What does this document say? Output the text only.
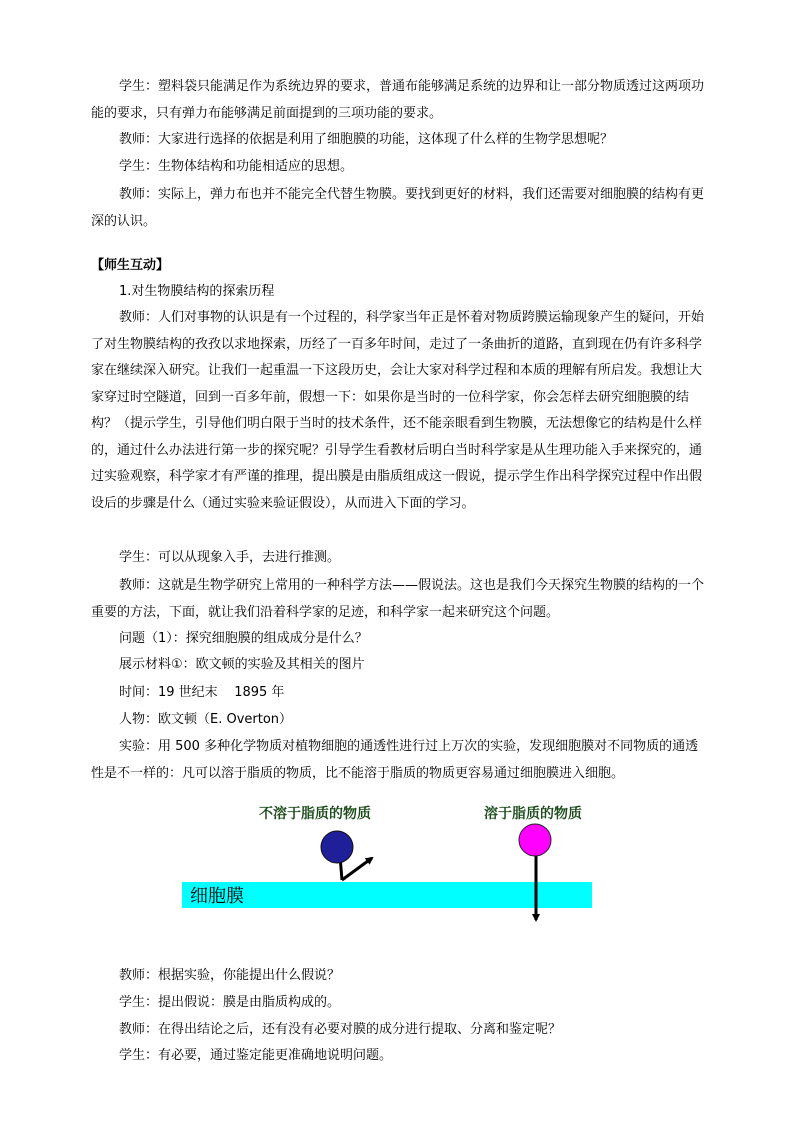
学生：塑料袋只能满足作为系统边界的要求，普通布能够满足系统的边界和让一部分物质透过这两项功能的要求，只有弹力布能够满足前面提到的三项功能的要求。

教师：大家进行选择的依据是利用了细胞膜的功能，这体现了什么样的生物学思想呢？

学生：生物体结构和功能相适应的思想。

教师：实际上，弹力布也并不能完全代替生物膜。要找到更好的材料，我们还需要对细胞膜的结构有更深的认识。

【师生互动】

1.对生物膜结构的探索历程

教师：人们对事物的认识是有一个过程的，科学家当年正是怀着对物质跨膜运输现象产生的疑问，开始了对生物膜结构的孜孜以求地探索，历经了一百多年时间，走过了一条曲折的道路，直到现在仍有许多科学家在继续深入研究。让我们一起重温一下这段历史，会让大家对科学过程和本质的理解有所启发。我想让大家穿过时空隧道，回到一百多年前，假想一下：如果你是当时的一位科学家，你会怎样去研究细胞膜的结构？（提示学生，引导他们明白限于当时的技术条件，还不能亲眼看到生物膜，无法想像它的结构是什么样的，通过什么办法进行第一步的探究呢？引导学生看教材后明白当时科学家是从生理功能入手来探究的，通过实验观察，科学家才有严谨的推理，提出膜是由脂质组成这一假说，提示学生作出科学探究过程中作出假设后的步骤是什么（通过实验来验证假设），从而进入下面的学习。

学生：可以从现象入手，去进行推测。

教师：这就是生物学研究上常用的一种科学方法——假说法。这也是我们今天探究生物膜的结构的一个重要的方法，下面，就让我们沿着科学家的足迹，和科学家一起来研究这个问题。

问题（1）：探究细胞膜的组成成分是什么？

展示材料①：欧文顿的实验及其相关的图片

时间：19 世纪末    1895 年

人物：欧文顿（E. Overton）

实验：用 500 多种化学物质对植物细胞的通透性进行过上万次的实验，发现细胞膜对不同物质的通透性是不一样的：凡可以溶于脂质的物质，比不能溶于脂质的物质更容易通过细胞膜进入细胞。

细胞膜
不溶于脂质的物质	溶于脂质的物质

教师：根据实验，你能提出什么假说？

学生：提出假说：膜是由脂质构成的。

教师：在得出结论之后，还有没有必要对膜的成分进行提取、分离和鉴定呢？

学生：有必要，通过鉴定能更准确地说明问题。
